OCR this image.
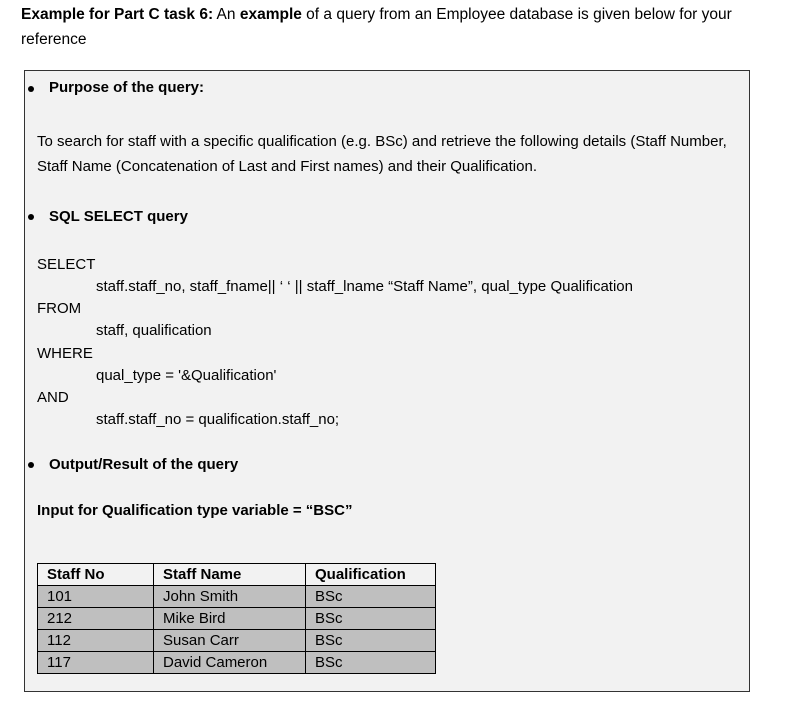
Example for Part C task 6: An example of a query from an Employee database is given below for your reference
Purpose of the query:
To search for staff with a specific qualification (e.g. BSc) and retrieve the following details (Staff Number, Staff Name (Concatenation of Last and First names) and their Qualification.
SQL SELECT query
SELECT
staff.staff_no, staff_fname|| ‘ ‘ || staff_lname “Staff Name”, qual_type Qualification
FROM
staff, qualification
WHERE
qual_type = '&Qualification'
AND
staff.staff_no = qualification.staff_no;
Output/Result of the query
Input for Qualification type variable = “BSC”
Staff No	Staff Name	Qualification
101	John Smith	BSc
212	Mike Bird	BSc
112	Susan Carr	BSc
117	David Cameron	BSc
